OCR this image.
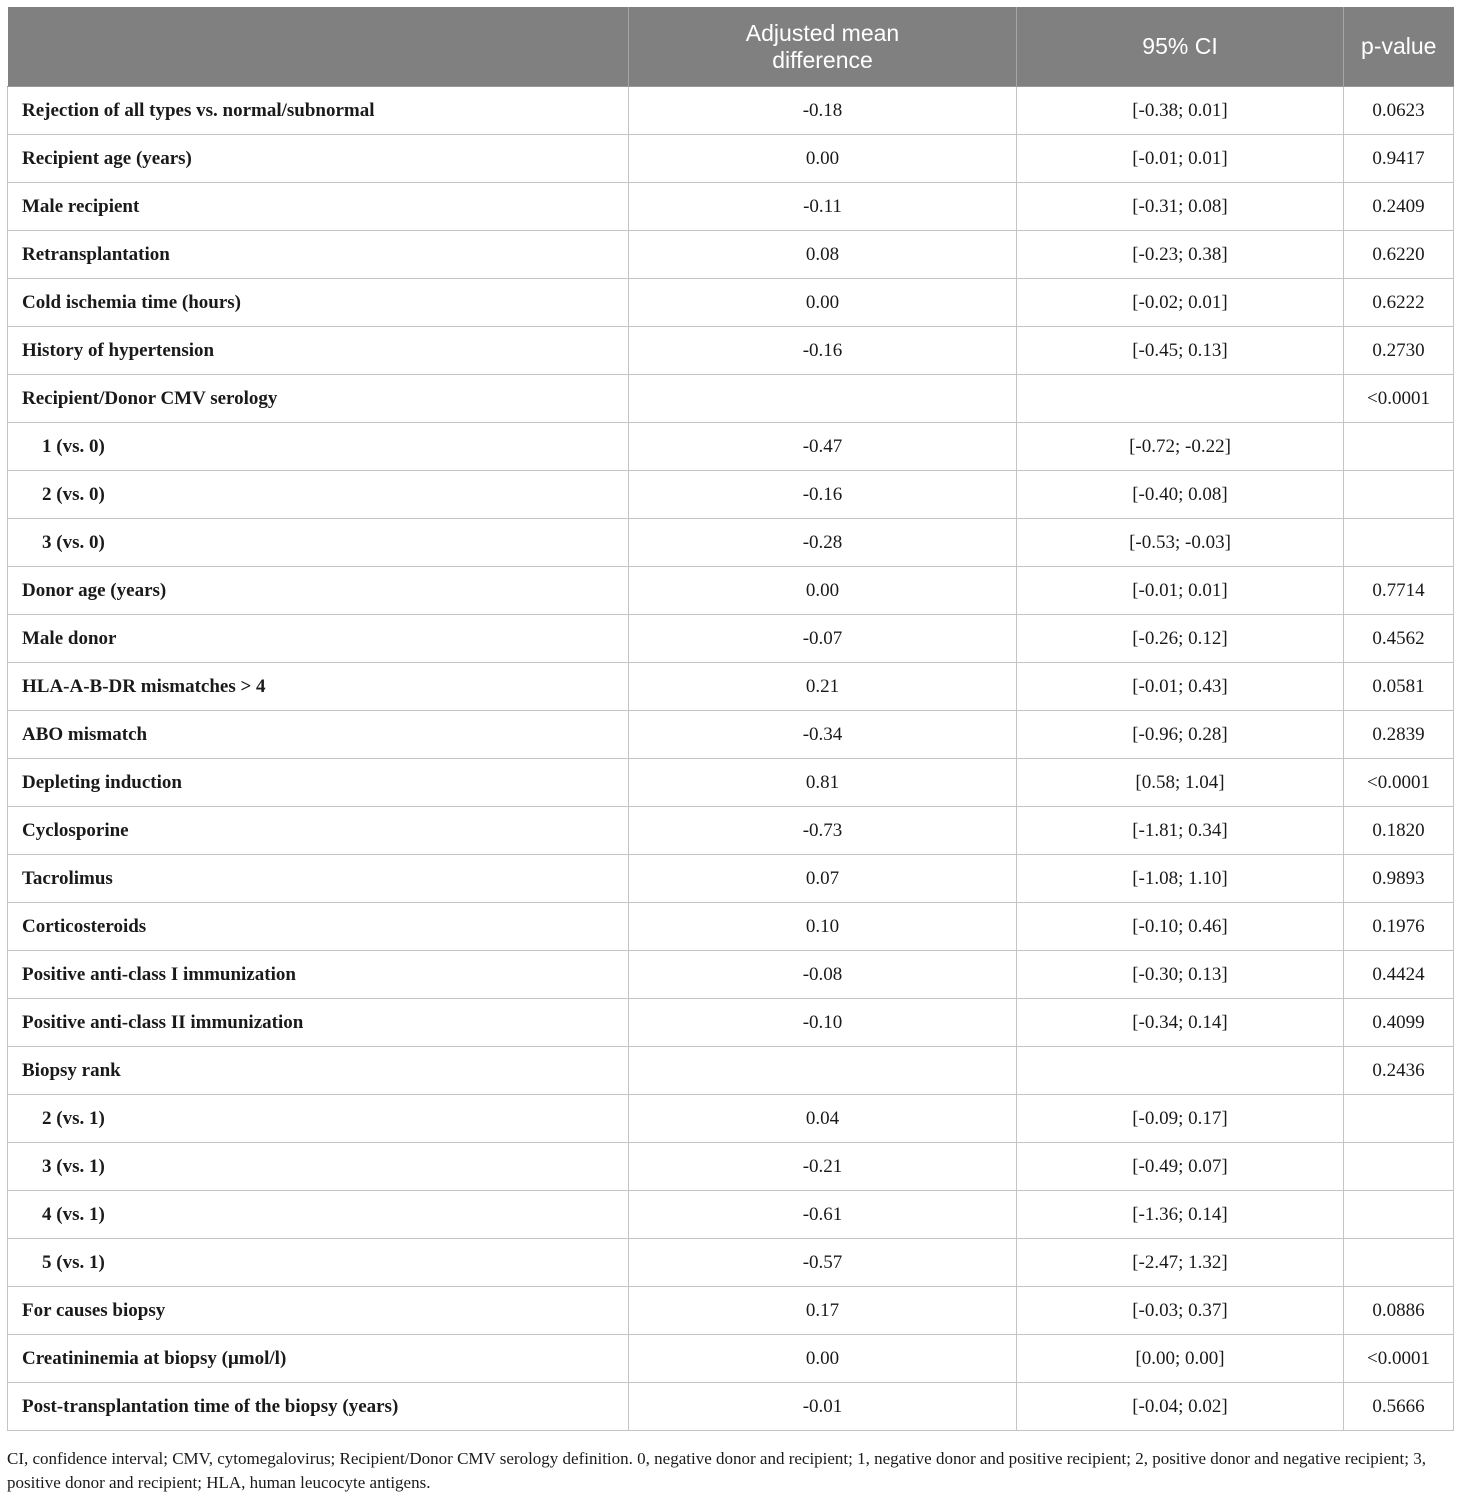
	Adjusted mean
difference	95% CI	p-value
Rejection of all types vs. normal/subnormal	-0.18	[-0.38; 0.01]	0.0623
Recipient age (years)	0.00	[-0.01; 0.01]	0.9417
Male recipient	-0.11	[-0.31; 0.08]	0.2409
Retransplantation	0.08	[-0.23; 0.38]	0.6220
Cold ischemia time (hours)	0.00	[-0.02; 0.01]	0.6222
History of hypertension	-0.16	[-0.45; 0.13]	0.2730
Recipient/Donor CMV serology			<0.0001
1 (vs. 0)	-0.47	[-0.72; -0.22]	
2 (vs. 0)	-0.16	[-0.40; 0.08]	
3 (vs. 0)	-0.28	[-0.53; -0.03]	
Donor age (years)	0.00	[-0.01; 0.01]	0.7714
Male donor	-0.07	[-0.26; 0.12]	0.4562
HLA-A-B-DR mismatches > 4	0.21	[-0.01; 0.43]	0.0581
ABO mismatch	-0.34	[-0.96; 0.28]	0.2839
Depleting induction	0.81	[0.58; 1.04]	<0.0001
Cyclosporine	-0.73	[-1.81; 0.34]	0.1820
Tacrolimus	0.07	[-1.08; 1.10]	0.9893
Corticosteroids	0.10	[-0.10; 0.46]	0.1976
Positive anti-class I immunization	-0.08	[-0.30; 0.13]	0.4424
Positive anti-class II immunization	-0.10	[-0.34; 0.14]	0.4099
Biopsy rank			0.2436
2 (vs. 1)	0.04	[-0.09; 0.17]	
3 (vs. 1)	-0.21	[-0.49; 0.07]	
4 (vs. 1)	-0.61	[-1.36; 0.14]	
5 (vs. 1)	-0.57	[-2.47; 1.32]	
For causes biopsy	0.17	[-0.03; 0.37]	0.0886
Creatininemia at biopsy (μmol/l)	0.00	[0.00; 0.00]	<0.0001
Post-transplantation time of the biopsy (years)	-0.01	[-0.04; 0.02]	0.5666
CI, confidence interval; CMV, cytomegalovirus; Recipient/Donor CMV serology definition. 0, negative donor and recipient; 1, negative donor and positive recipient; 2, positive donor and negative recipient; 3, positive donor and recipient; HLA, human leucocyte antigens.
